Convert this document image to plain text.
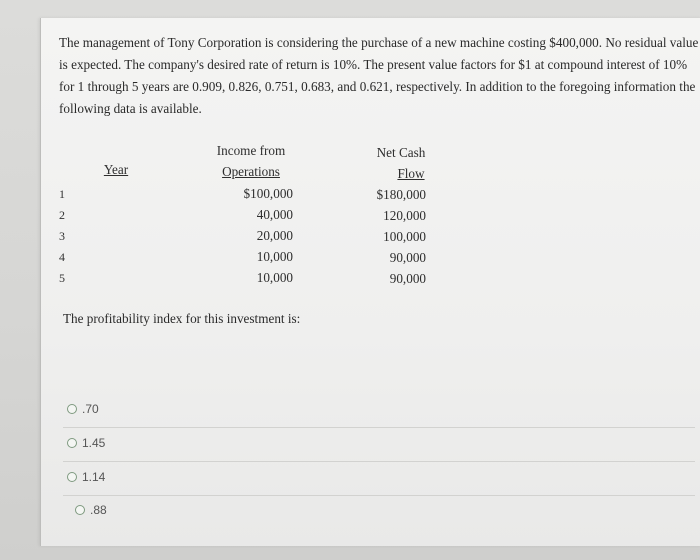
The management of Tony Corporation is considering the purchase of a new machine costing $400,000. No residual value is expected. The company's desired rate of return is 10%. The present value factors for $1 at compound interest of 10% for 1 through 5 years are 0.909, 0.826, 0.751, 0.683, and 0.621, respectively. In addition to the foregoing information the following data is available.

Year
Income from
Operations
Net Cash
Flow
1
2
3
4
5
$100,000
40,000
20,000
10,000
10,000
$180,000
120,000
100,000
90,000
90,000
The profitability index for this investment is:
.70
1.45
1.14
.88
